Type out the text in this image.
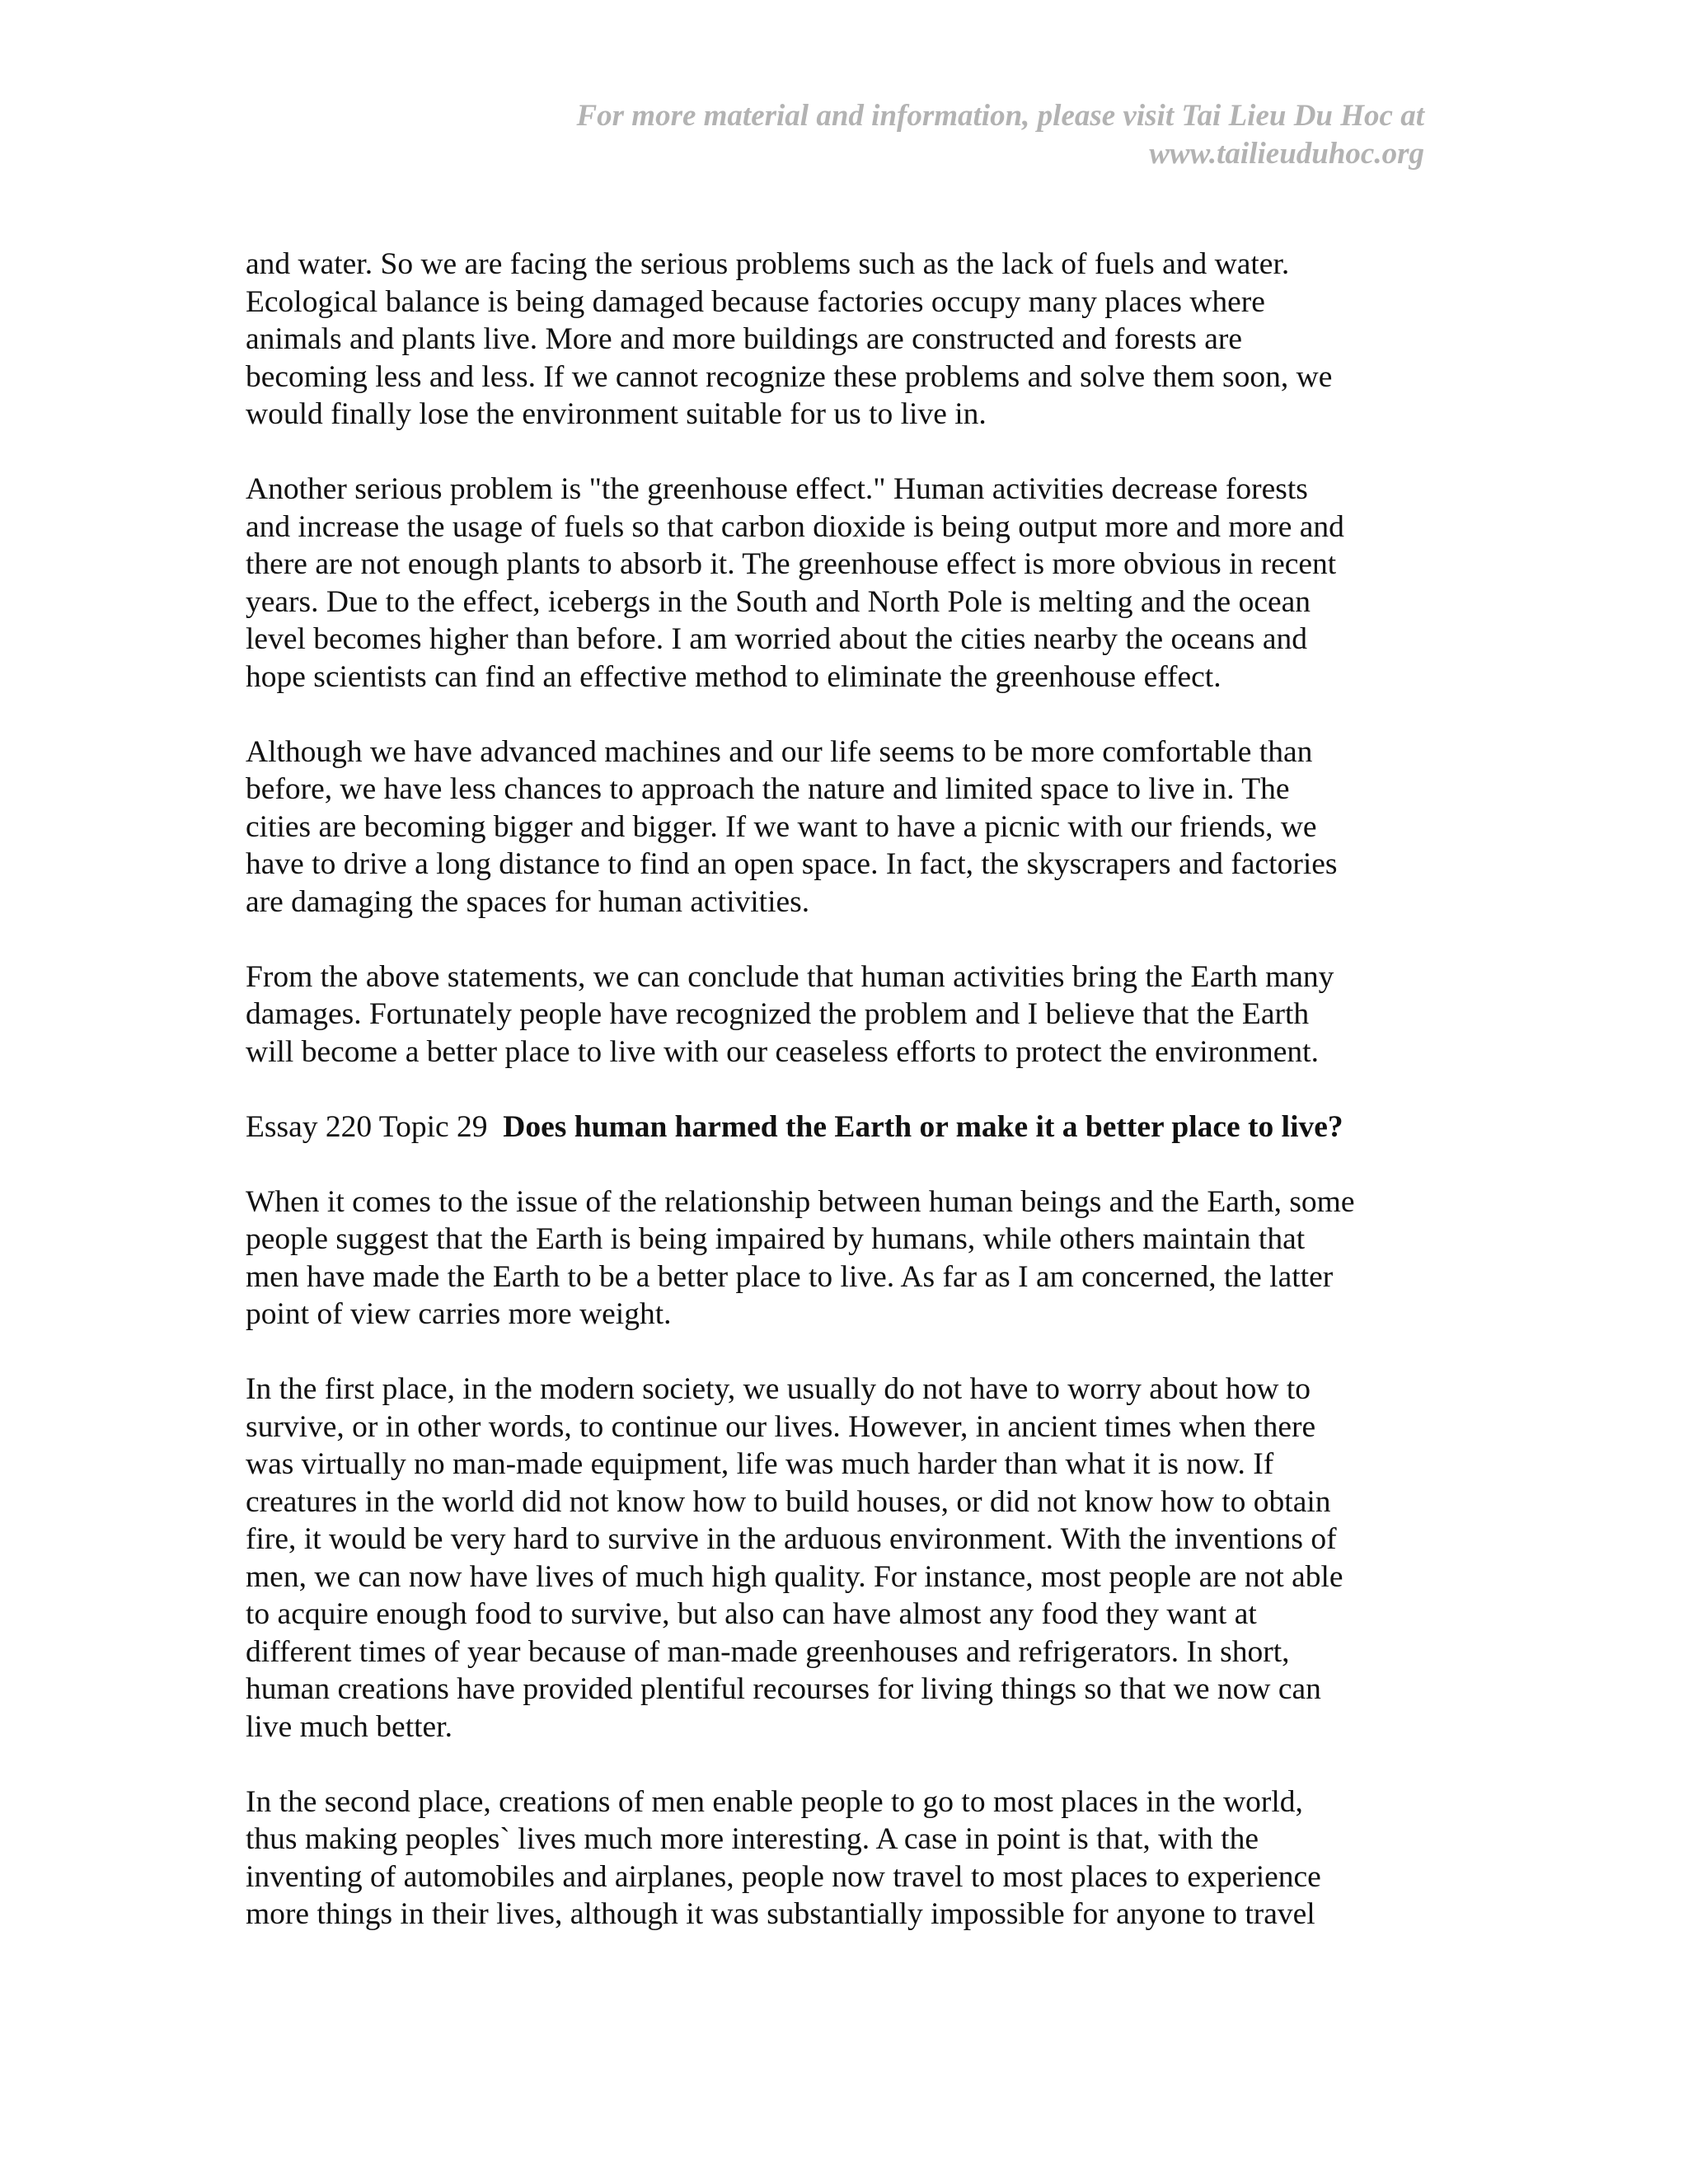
For more material and information, please visit Tai Lieu Du Hoc at
www.tailieuduhoc.org
and water. So we are facing the serious problems such as the lack of fuels and water.
Ecological balance is being damaged because factories occupy many places where
animals and plants live. More and more buildings are constructed and forests are
becoming less and less. If we cannot recognize these problems and solve them soon, we
would finally lose the environment suitable for us to live in.
Another serious problem is "the greenhouse effect." Human activities decrease forests
and increase the usage of fuels so that carbon dioxide is being output more and more and
there are not enough plants to absorb it. The greenhouse effect is more obvious in recent
years. Due to the effect, icebergs in the South and North Pole is melting and the ocean
level becomes higher than before. I am worried about the cities nearby the oceans and
hope scientists can find an effective method to eliminate the greenhouse effect.
Although we have advanced machines and our life seems to be more comfortable than
before, we have less chances to approach the nature and limited space to live in. The
cities are becoming bigger and bigger. If we want to have a picnic with our friends, we
have to drive a long distance to find an open space. In fact, the skyscrapers and factories
are damaging the spaces for human activities.
From the above statements, we can conclude that human activities bring the Earth many
damages. Fortunately people have recognized the problem and I believe that the Earth
will become a better place to live with our ceaseless efforts to protect the environment.
Essay 220 Topic 29 Does human harmed the Earth or make it a better place to live?
When it comes to the issue of the relationship between human beings and the Earth, some
people suggest that the Earth is being impaired by humans, while others maintain that
men have made the Earth to be a better place to live. As far as I am concerned, the latter
point of view carries more weight.
In the first place, in the modern society, we usually do not have to worry about how to
survive, or in other words, to continue our lives. However, in ancient times when there
was virtually no man-made equipment, life was much harder than what it is now. If
creatures in the world did not know how to build houses, or did not know how to obtain
fire, it would be very hard to survive in the arduous environment. With the inventions of
men, we can now have lives of much high quality. For instance, most people are not able
to acquire enough food to survive, but also can have almost any food they want at
different times of year because of man-made greenhouses and refrigerators. In short,
human creations have provided plentiful recourses for living things so that we now can
live much better.
In the second place, creations of men enable people to go to most places in the world,
thus making peoples` lives much more interesting. A case in point is that, with the
inventing of automobiles and airplanes, people now travel to most places to experience
more things in their lives, although it was substantially impossible for anyone to travel
